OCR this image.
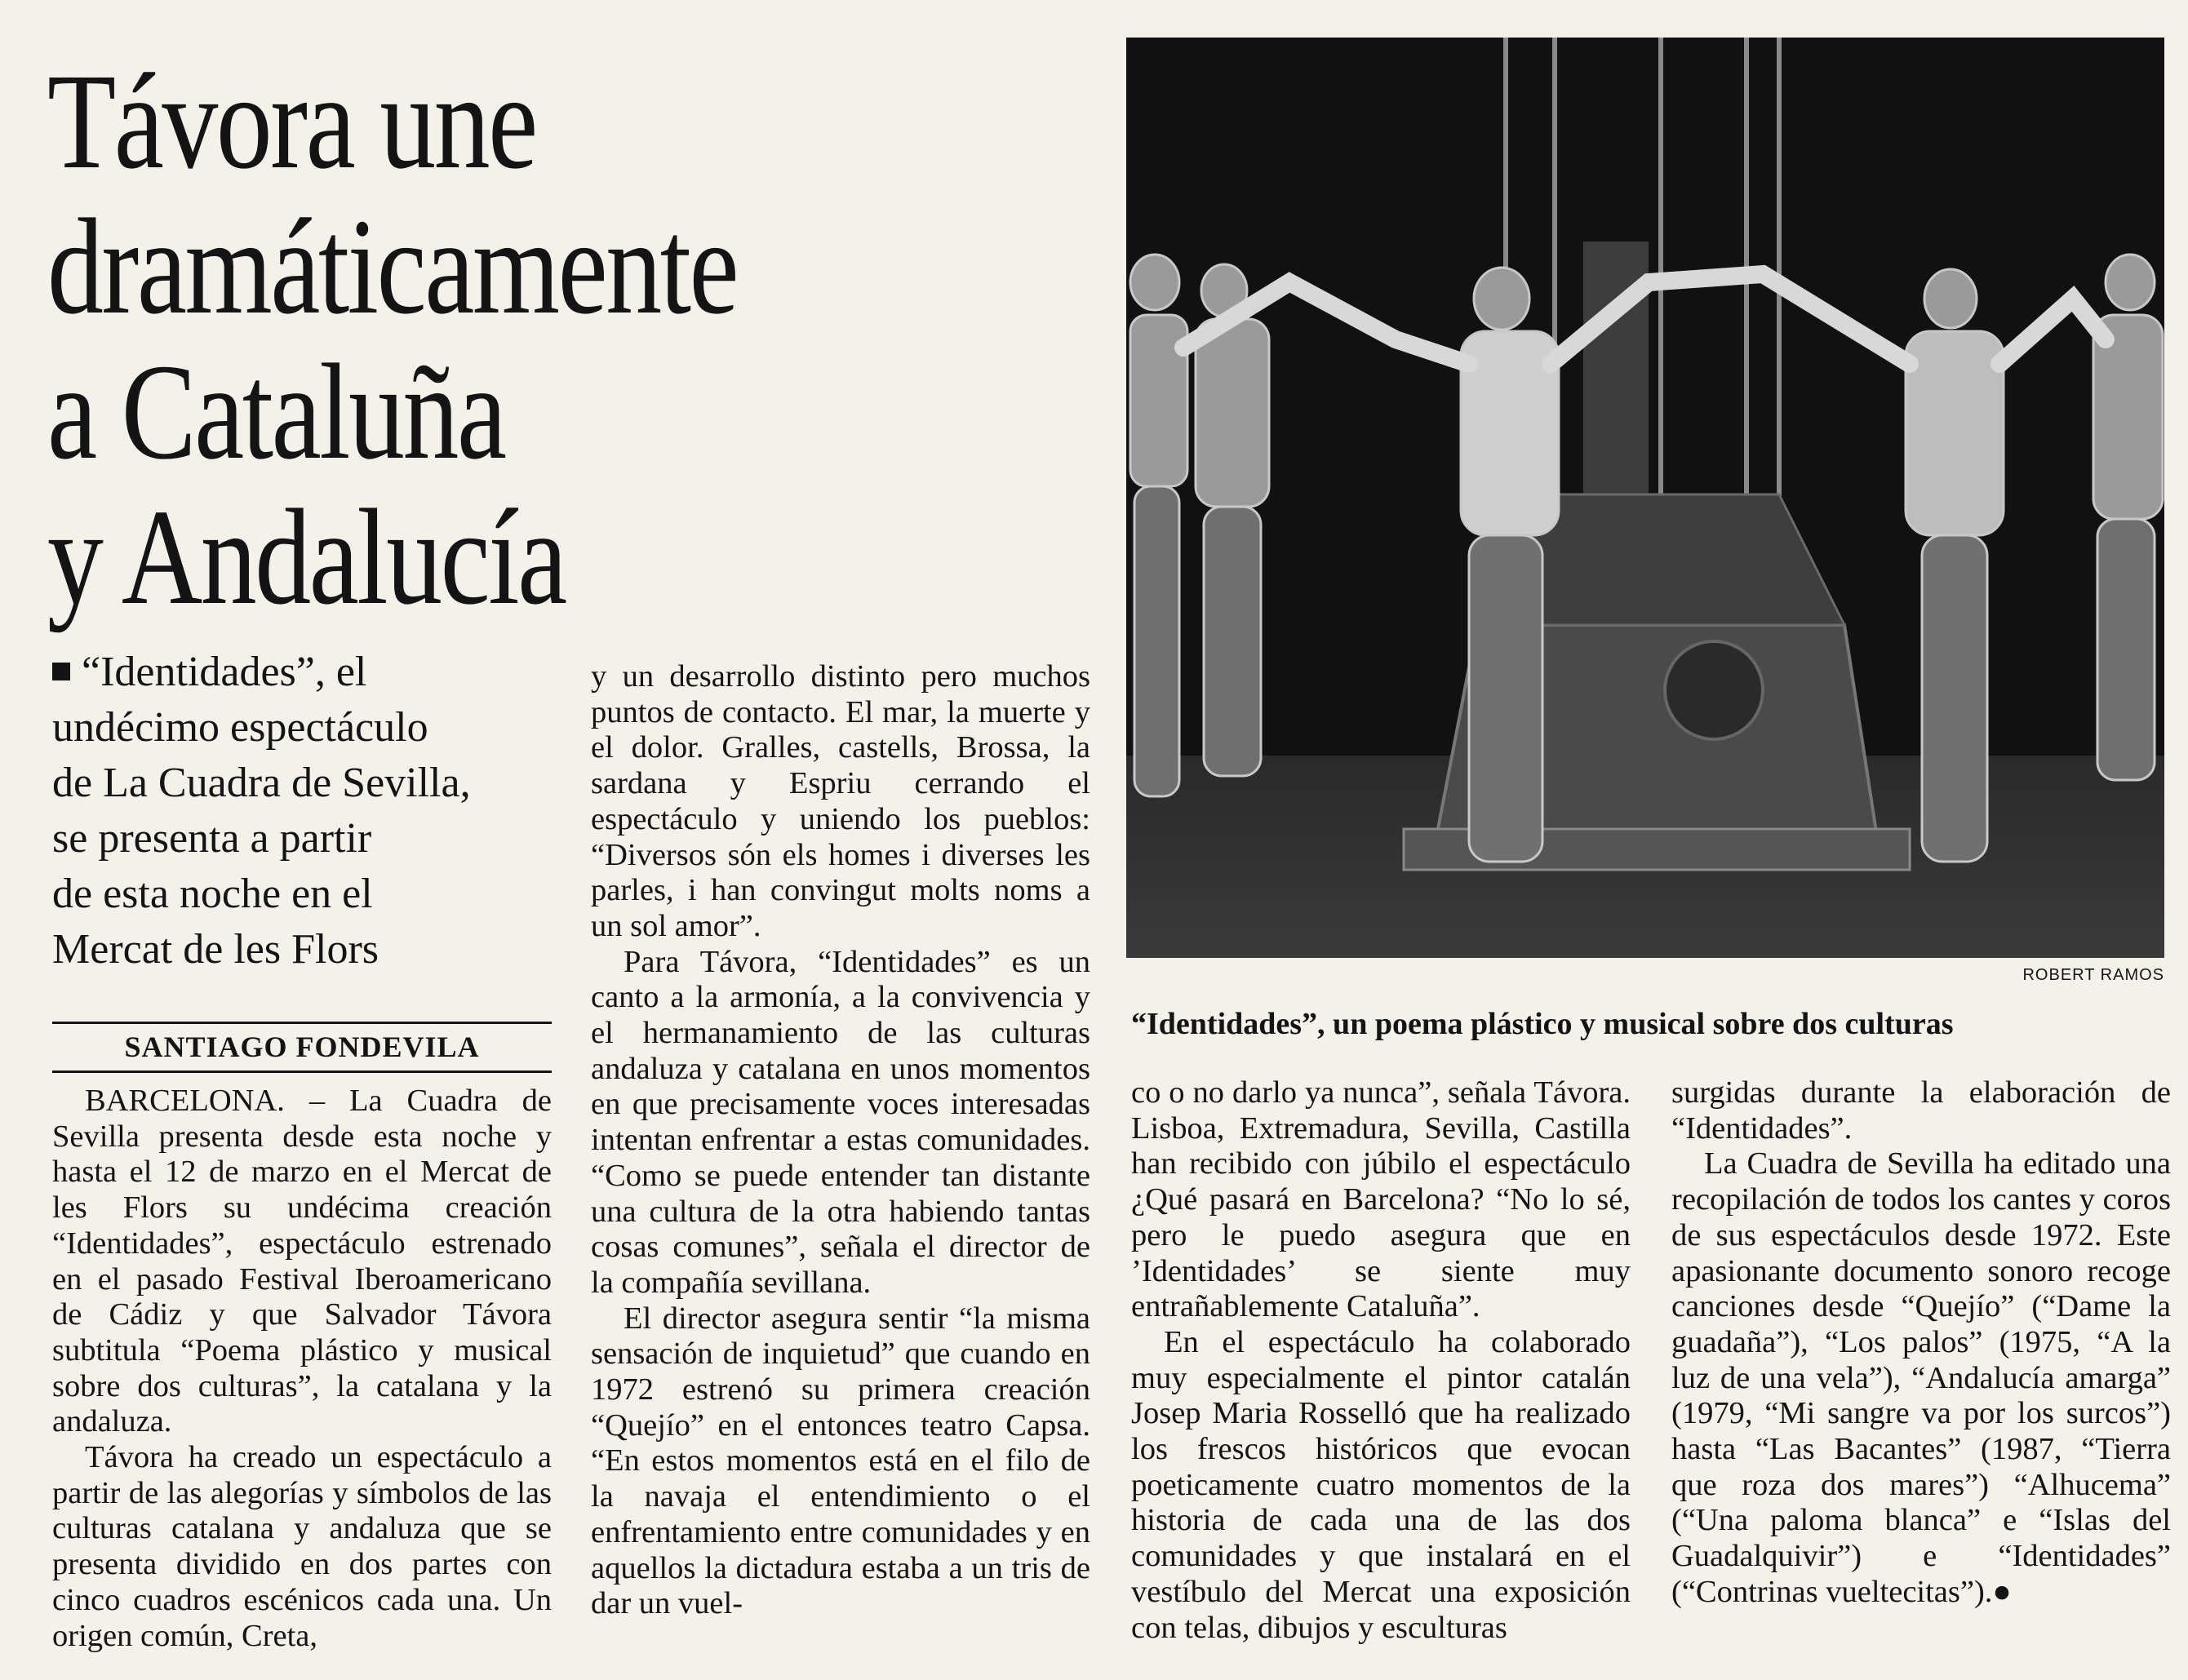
Távora une
dramáticamente
a Cataluña
y Andalucía
“Identidades”, el
undécimo espectáculo
de La Cuadra de Sevilla,
se presenta a partir
de esta noche en el
Mercat de les Flors
SANTIAGO FONDEVILA

BARCELONA. – La Cuadra de Sevilla presenta desde esta noche y hasta el 12 de marzo en el Mercat de les Flors su undécima creación “Identidades”, espectáculo estrenado en el pasado Festival Iberoamericano de Cádiz y que Salvador Távora subtitula “Poema plástico y musical sobre dos culturas”, la catalana y la andaluza.

Távora ha creado un espectáculo a partir de las alegorías y símbolos de las culturas catalana y andaluza que se presenta dividido en dos partes con cinco cuadros escénicos cada una. Un origen común, Creta,

y un desarrollo distinto pero muchos puntos de contacto. El mar, la muerte y el dolor. Gralles, castells, Brossa, la sardana y Espriu cerrando el espectáculo y uniendo los pueblos: “Diversos són els homes i diverses les parles, i han convingut molts noms a un sol amor”.

Para Távora, “Identidades” es un canto a la armonía, a la convivencia y el hermanamiento de las culturas andaluza y catalana en unos momentos en que precisamente voces interesadas intentan enfrentar a estas comunidades. “Como se puede entender tan distante una cultura de la otra habiendo tantas cosas comunes”, señala el director de la compañía sevillana.

El director asegura sentir “la misma sensación de inquietud” que cuando en 1972 estrenó su primera creación “Quejío” en el entonces teatro Capsa. “En estos momentos está en el filo de la navaja el entendimiento o el enfrentamiento entre comunidades y en aquellos la dictadura estaba a un tris de dar un vuel-

ROBERT RAMOS
“Identidades”, un poema plástico y musical sobre dos culturas

co o no darlo ya nunca”, señala Távora. Lisboa, Extremadura, Sevilla, Castilla han recibido con júbilo el espectáculo ¿Qué pasará en Barcelona? “No lo sé, pero le puedo asegura que en ’Identidades’ se siente muy entrañablemente Cataluña”.

En el espectáculo ha colaborado muy especialmente el pintor catalán Josep Maria Rosselló que ha realizado los frescos históricos que evocan poeticamente cuatro momentos de la historia de cada una de las dos comunidades y que instalará en el vestíbulo del Mercat una exposición con telas, dibujos y esculturas

surgidas durante la elaboración de “Identidades”.

La Cuadra de Sevilla ha editado una recopilación de todos los cantes y coros de sus espectáculos desde 1972. Este apasionante documento sonoro recoge canciones desde “Quejío” (“Dame la guadaña”), “Los palos” (1975, “A la luz de una vela”), “Andalucía amarga” (1979, “Mi sangre va por los surcos”) hasta “Las Bacantes” (1987, “Tierra que roza dos mares”) “Alhucema” (“Una paloma blanca” e “Islas del Guadalquivir”) e “Identidades” (“Contrinas vueltecitas”).●
